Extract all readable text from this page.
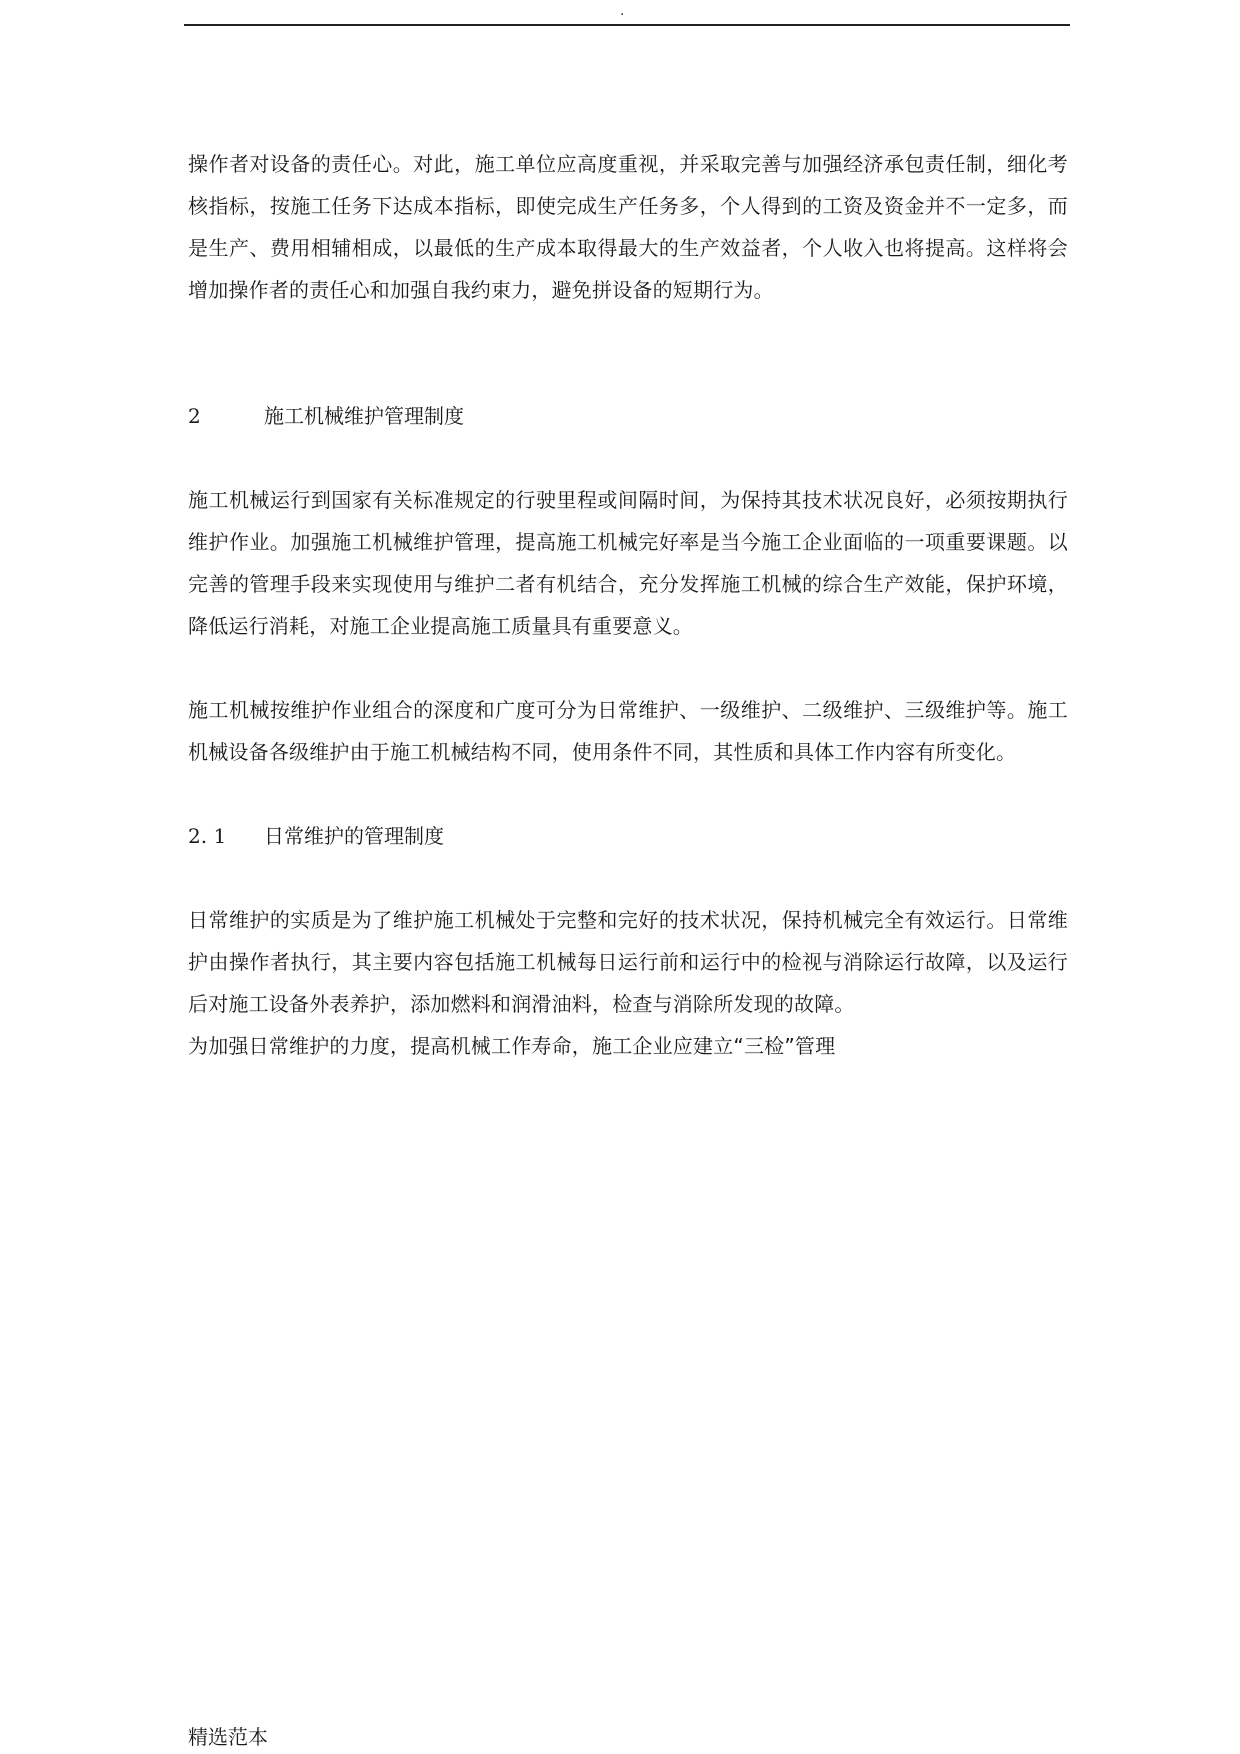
.

操作者对设备的责任心。对此，施工单位应高度重视，并采取完善与加强经济承包责任制，细化考核指标，按施工任务下达成本指标，即使完成生产任务多，个人得到的工资及资金并不一定多，而是生产、费用相辅相成，以最低的生产成本取得最大的生产效益者，个人收入也将提高。这样将会增加操作者的责任心和加强自我约束力，避免拼设备的短期行为。

2	施工机械维护管理制度

施工机械运行到国家有关标准规定的行驶里程或间隔时间，为保持其技术状况良好，必须按期执行维护作业。加强施工机械维护管理，提高施工机械完好率是当今施工企业面临的一项重要课题。以完善的管理手段来实现使用与维护二者有机结合，充分发挥施工机械的综合生产效能，保护环境，降低运行消耗，对施工企业提高施工质量具有重要意义。

施工机械按维护作业组合的深度和广度可分为日常维护、一级维护、二级维护、三级维护等。施工机械设备各级维护由于施工机械结构不同，使用条件不同，其性质和具体工作内容有所变化。

2. 1	日常维护的管理制度

日常维护的实质是为了维护施工机械处于完整和完好的技术状况，保持机械完全有效运行。日常维护由操作者执行，其主要内容包括施工机械每日运行前和运行中的检视与消除运行故障，以及运行后对施工设备外表养护，添加燃料和润滑油料，检查与消除所发现的故障。

为加强日常维护的力度，提高机械工作寿命，施工企业应建立“三检”管理

精选范本
